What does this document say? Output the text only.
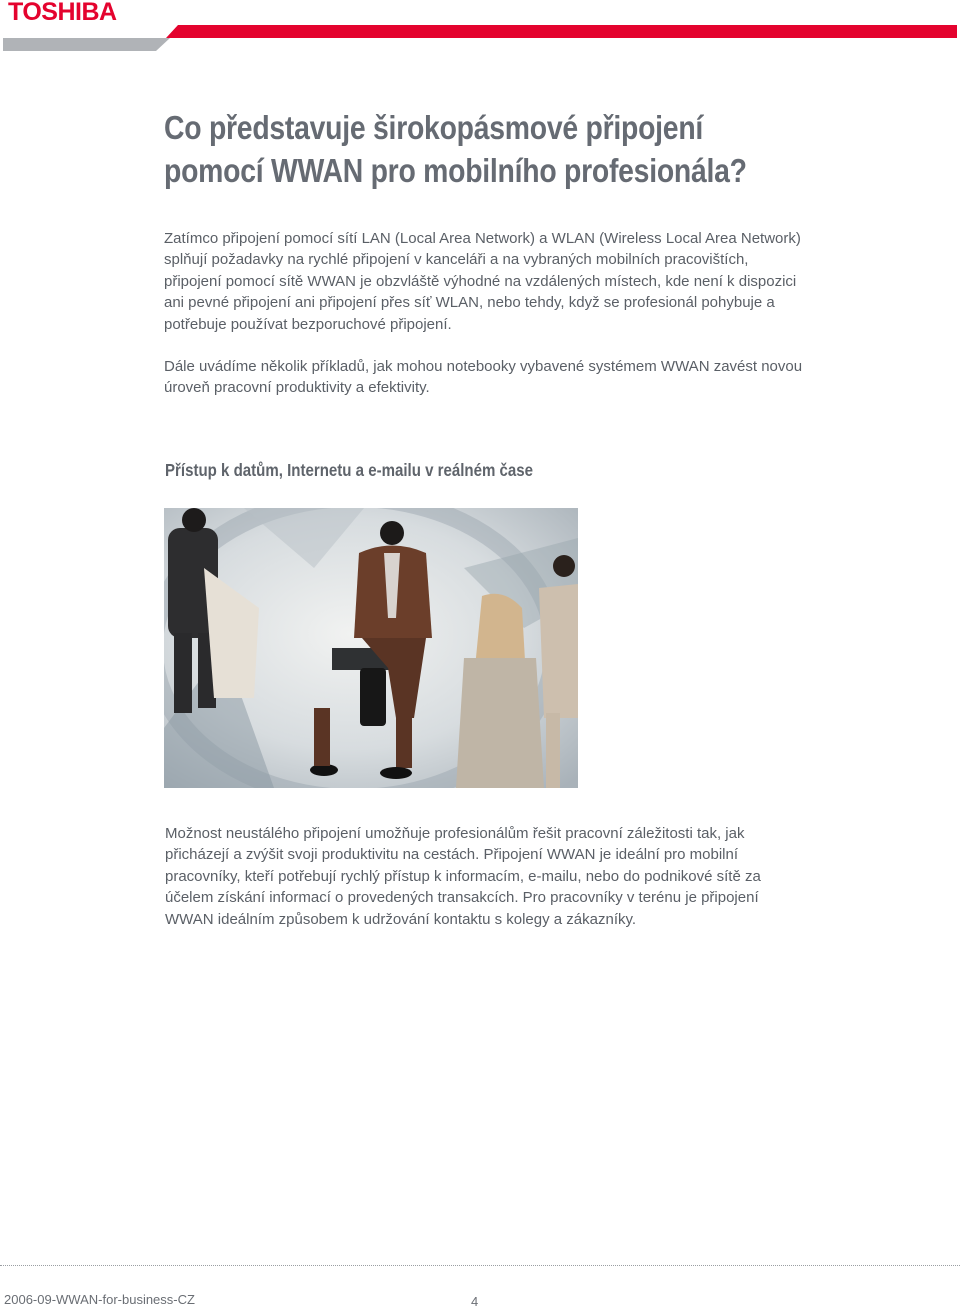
TOSHIBA
Co představuje širokopásmové připojení pomocí WWAN pro mobilního profesionála?

Zatímco připojení pomocí sítí LAN (Local Area Network) a WLAN (Wireless Local Area Network) splňují požadavky na rychlé připojení v kanceláři a na vybraných mobilních pracovištích, připojení pomocí sítě WWAN je obzvláště výhodné na vzdálených místech, kde není k dispozici ani pevné připojení ani připojení přes síť WLAN, nebo tehdy, když se profesionál pohybuje a potřebuje používat bezporuchové připojení.

Dále uvádíme několik příkladů, jak mohou notebooky vybavené systémem WWAN zavést novou úroveň pracovní produktivity a efektivity.

Přístup k datům, Internetu a e-mailu v reálném čase

Možnost neustálého připojení umožňuje profesionálům řešit pracovní záležitosti tak, jak přicházejí a zvýšit svoji produktivitu na cestách. Připojení WWAN je ideální pro mobilní pracovníky, kteří potřebují rychlý přístup k informacím, e-mailu, nebo do podnikové sítě za účelem získání informací o provedených transakcích. Pro pracovníky v terénu je připojení WWAN ideálním způsobem k udržování kontaktu s kolegy a zákazníky.

2006-09-WWAN-for-business-CZ	4
